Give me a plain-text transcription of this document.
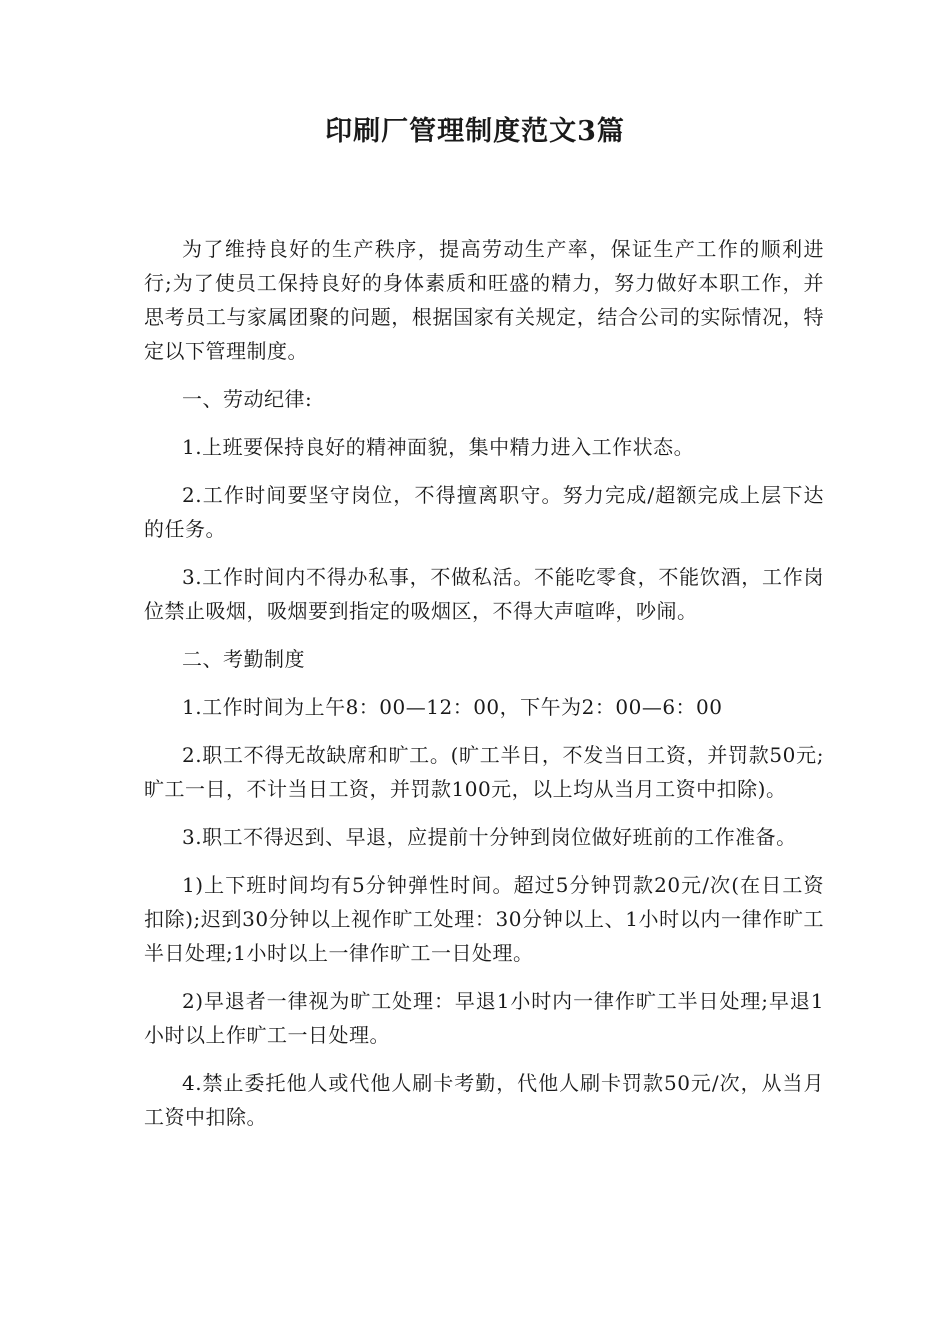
印刷厂管理制度范文3篇

为了维持良好的生产秩序，提高劳动生产率，保证生产工作的顺利进行;为了使员工保持良好的身体素质和旺盛的精力，努力做好本职工作，并思考员工与家属团聚的问题，根据国家有关规定，结合公司的实际情况，特定以下管理制度。

一、劳动纪律:

1.上班要保持良好的精神面貌，集中精力进入工作状态。

2.工作时间要坚守岗位，不得擅离职守。努力完成/超额完成上层下达的任务。

3.工作时间内不得办私事，不做私活。不能吃零食，不能饮酒，工作岗位禁止吸烟，吸烟要到指定的吸烟区，不得大声喧哗，吵闹。

二、考勤制度

1.工作时间为上午8：00—12：00，下午为2：00—6：00

2.职工不得无故缺席和旷工。(旷工半日，不发当日工资，并罚款50元;旷工一日，不计当日工资，并罚款100元，以上均从当月工资中扣除)。

3.职工不得迟到、早退，应提前十分钟到岗位做好班前的工作准备。

1)上下班时间均有5分钟弹性时间。超过5分钟罚款20元/次(在日工资扣除);迟到30分钟以上视作旷工处理：30分钟以上、1小时以内一律作旷工半日处理;1小时以上一律作旷工一日处理。

2)早退者一律视为旷工处理：早退1小时内一律作旷工半日处理;早退1小时以上作旷工一日处理。

4.禁止委托他人或代他人刷卡考勤，代他人刷卡罚款50元/次，从当月工资中扣除。
